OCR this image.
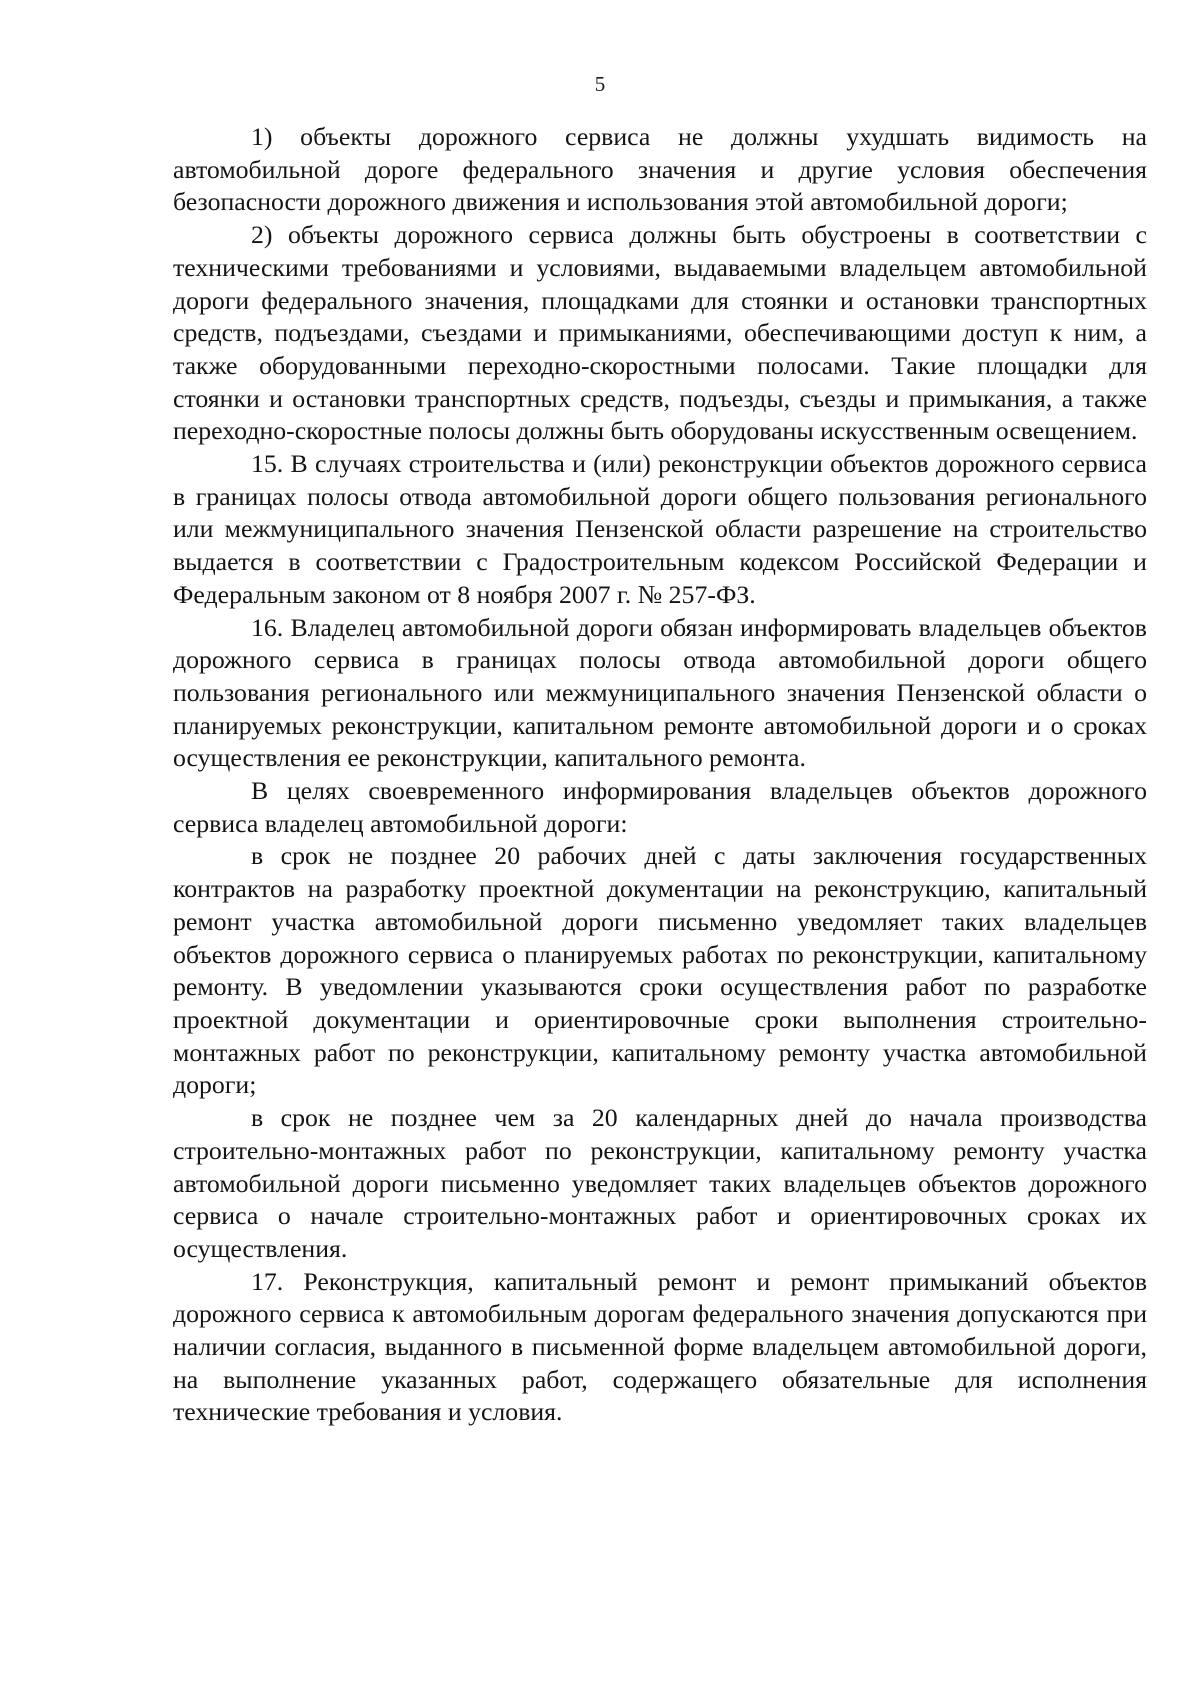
5

1) объекты дорожного сервиса не должны ухудшать видимость на автомобильной дороге федерального значения и другие условия обеспечения безопасности дорожного движения и использования этой автомобильной дороги;

2) объекты дорожного сервиса должны быть обустроены в соответствии с техническими требованиями и условиями, выдаваемыми владельцем автомобильной дороги федерального значения, площадками для стоянки и остановки транспортных средств, подъездами, съездами и примыканиями, обеспечивающими доступ к ним, а также оборудованными переходно-скоростными полосами. Такие площадки для стоянки и остановки транспортных средств, подъезды, съезды и примыкания, а также переходно-скоростные полосы должны быть оборудованы искусственным освещением.

15. В случаях строительства и (или) реконструкции объектов дорожного сервиса в границах полосы отвода автомобильной дороги общего пользования регионального или межмуниципального значения Пензенской области разрешение на строительство выдается в соответствии с Градостроительным кодексом Российской Федерации и Федеральным законом от 8 ноября 2007 г. № 257-ФЗ.

16. Владелец автомобильной дороги обязан информировать владельцев объектов дорожного сервиса в границах полосы отвода автомобильной дороги общего пользования регионального или межмуниципального значения Пензенской области о планируемых реконструкции, капитальном ремонте автомобильной дороги и о сроках осуществления ее реконструкции, капитального ремонта.

В целях своевременного информирования владельцев объектов дорожного сервиса владелец автомобильной дороги:

в срок не позднее 20 рабочих дней с даты заключения государственных контрактов на разработку проектной документации на реконструкцию, капитальный ремонт участка автомобильной дороги письменно уведомляет таких владельцев объектов дорожного сервиса о планируемых работах по реконструкции, капитальному ремонту. В уведомлении указываются сроки осуществления работ по разработке проектной документации и ориентировочные сроки выполнения строительно-монтажных работ по реконструкции, капитальному ремонту участка автомобильной дороги;

в срок не позднее чем за 20 календарных дней до начала производства строительно-монтажных работ по реконструкции, капитальному ремонту участка автомобильной дороги письменно уведомляет таких владельцев объектов дорожного сервиса о начале строительно-монтажных работ и ориентировочных сроках их осуществления.

17. Реконструкция, капитальный ремонт и ремонт примыканий объектов дорожного сервиса к автомобильным дорогам федерального значения допускаются при наличии согласия, выданного в письменной форме владельцем автомобильной дороги, на выполнение указанных работ, содержащего обязательные для исполнения технические требования и условия.
